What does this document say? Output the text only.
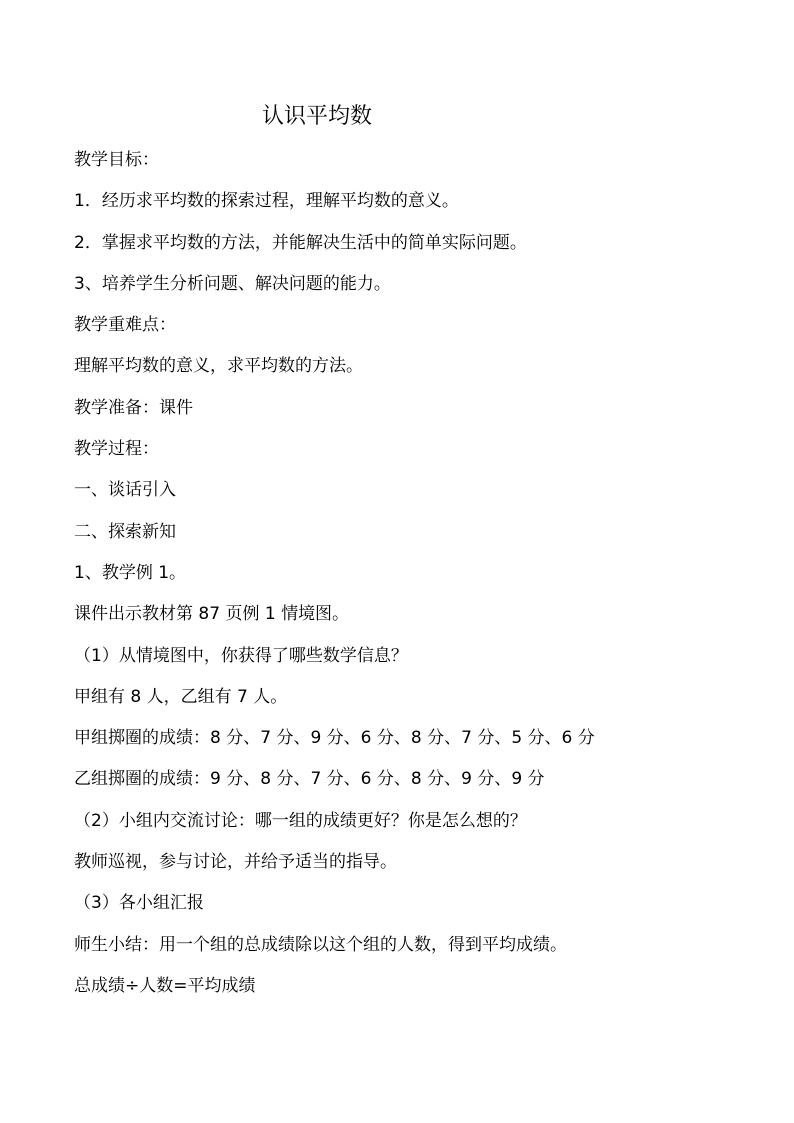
认识平均数
教学目标：
1．经历求平均数的探索过程，理解平均数的意义。
2．掌握求平均数的方法，并能解决生活中的简单实际问题。
3、培养学生分析问题、解决问题的能力。
教学重难点：
理解平均数的意义，求平均数的方法。
教学准备：课件
教学过程：
一、谈话引入
二、探索新知
1、教学例 1。
课件出示教材第 87 页例 1 情境图。
（1）从情境图中，你获得了哪些数学信息？
甲组有 8 人，乙组有 7 人。
甲组掷圈的成绩：8 分、7 分、9 分、6 分、8 分、7 分、5 分、6 分
乙组掷圈的成绩：9 分、8 分、7 分、6 分、8 分、9 分、9 分
（2）小组内交流讨论：哪一组的成绩更好？你是怎么想的？
教师巡视，参与讨论，并给予适当的指导。
（3）各小组汇报
师生小结：用一个组的总成绩除以这个组的人数，得到平均成绩。
总成绩÷人数=平均成绩
